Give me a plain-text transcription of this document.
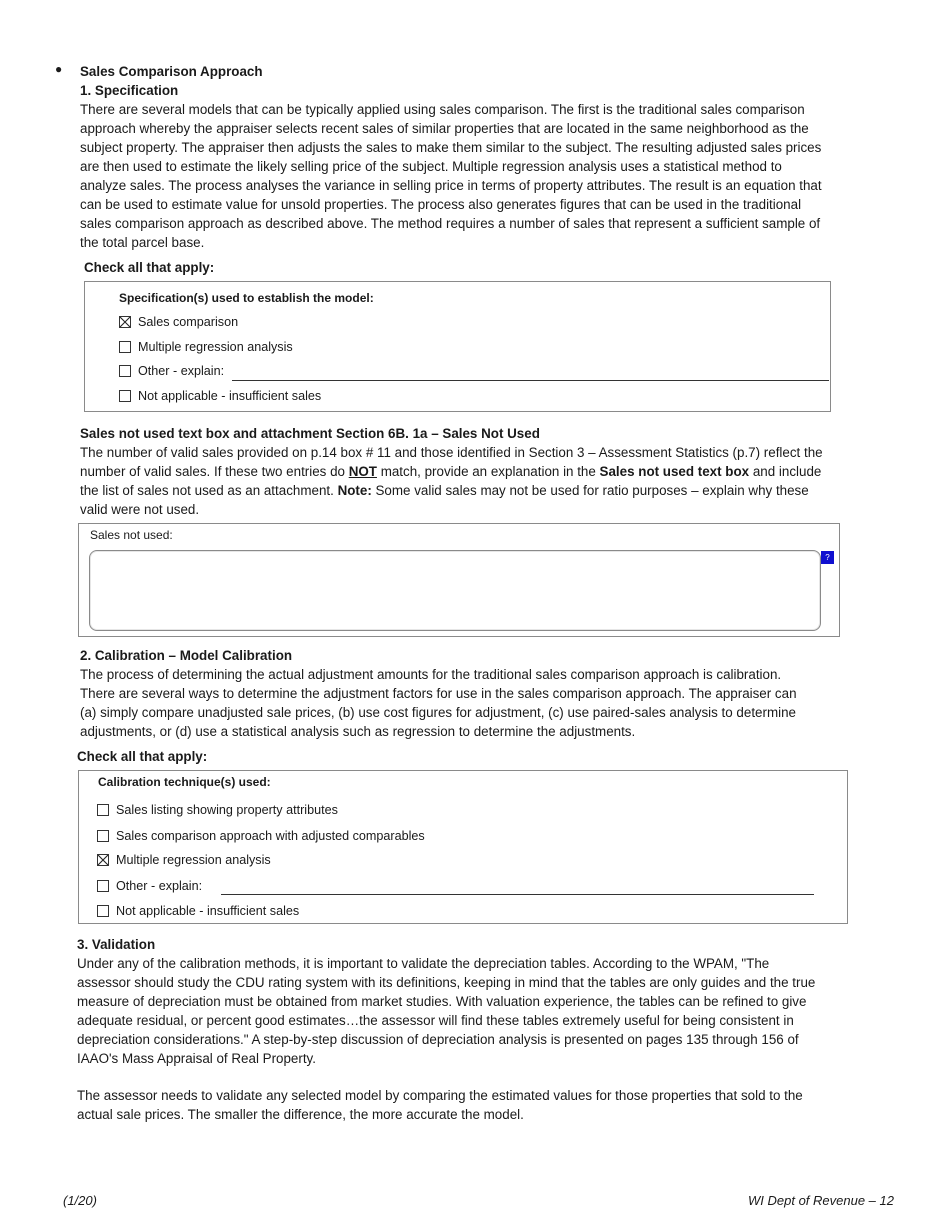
● Sales Comparison Approach
1. Specification
There are several models that can be typically applied using sales comparison. The first is the traditional sales comparison
approach whereby the appraiser selects recent sales of similar properties that are located in the same neighborhood as the
subject property. The appraiser then adjusts the sales to make them similar to the subject. The resulting adjusted sales prices
are then used to estimate the likely selling price of the subject. Multiple regression analysis uses a statistical method to
analyze sales. The process analyses the variance in selling price in terms of property attributes. The result is an equation that
can be used to estimate value for unsold properties. The process also generates figures that can be used in the traditional
sales comparison approach as described above. The method requires a number of sales that represent a sufficient sample of
the total parcel base.
Check all that apply:
Specification(s) used to establish the model:
Sales comparison
Multiple regression analysis
Other - explain:
Not applicable - insufficient sales
Sales not used text box and attachment Section 6B. 1a – Sales Not Used
The number of valid sales provided on p.14 box # 11 and those identified in Section 3 – Assessment Statistics (p.7) reflect the
number of valid sales. If these two entries do NOT match, provide an explanation in the Sales not used text box and include
the list of sales not used as an attachment. Note: Some valid sales may not be used for ratio purposes – explain why these
valid were not used.
Sales not used:
?
2. Calibration – Model Calibration
The process of determining the actual adjustment amounts for the traditional sales comparison approach is calibration.
There are several ways to determine the adjustment factors for use in the sales comparison approach. The appraiser can
(a) simply compare unadjusted sale prices, (b) use cost figures for adjustment, (c) use paired-sales analysis to determine
adjustments, or (d) use a statistical analysis such as regression to determine the adjustments.
Check all that apply:
Calibration technique(s) used:
Sales listing showing property attributes
Sales comparison approach with adjusted comparables
Multiple regression analysis
Other - explain:
Not applicable - insufficient sales
3. Validation
Under any of the calibration methods, it is important to validate the depreciation tables. According to the WPAM, "The
assessor should study the CDU rating system with its definitions, keeping in mind that the tables are only guides and the true
measure of depreciation must be obtained from market studies. With valuation experience, the tables can be refined to give
adequate residual, or percent good estimates…the assessor will find these tables extremely useful for being consistent in
depreciation considerations." A step-by-step discussion of depreciation analysis is presented on pages 135 through 156 of
IAAO's Mass Appraisal of Real Property.
The assessor needs to validate any selected model by comparing the estimated values for those properties that sold to the
actual sale prices. The smaller the difference, the more accurate the model.
(1/20)	WI Dept of Revenue – 12
